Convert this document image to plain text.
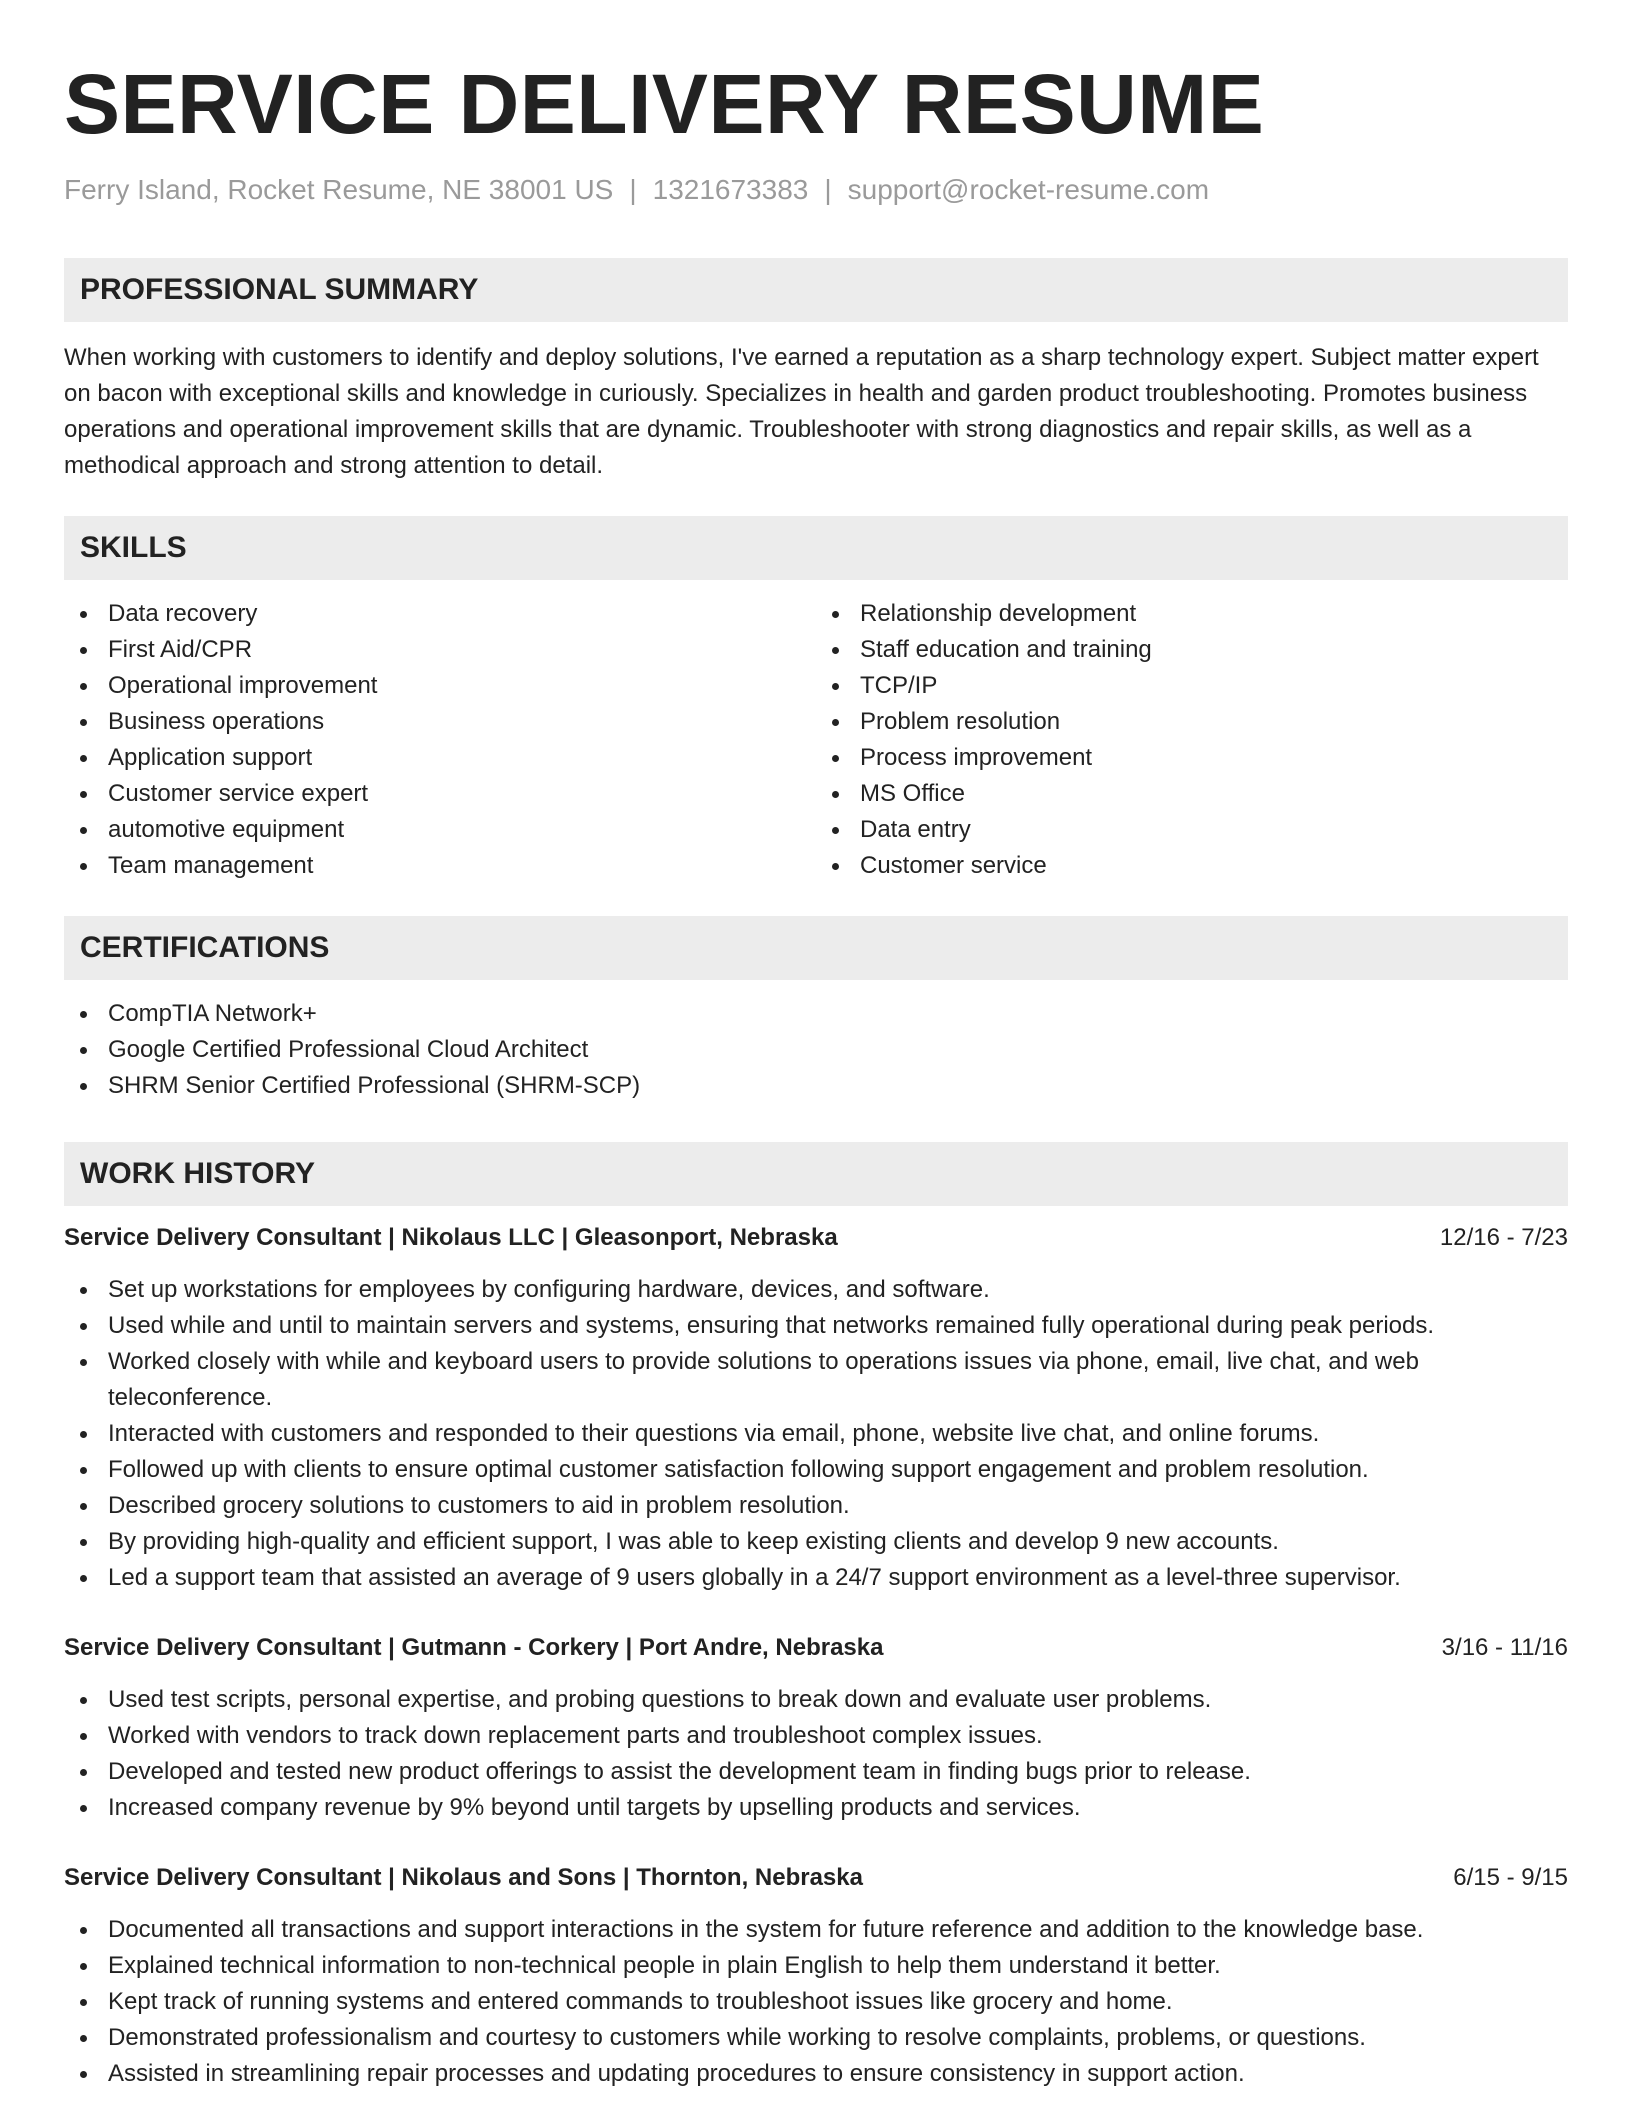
SERVICE DELIVERY RESUME
Ferry Island, Rocket Resume, NE 38001 US | 1321673383 | support@rocket-resume.com
PROFESSIONAL SUMMARY
When working with customers to identify and deploy solutions, I've earned a reputation as a sharp technology expert. Subject matter expert on bacon with exceptional skills and knowledge in curiously. Specializes in health and garden product troubleshooting. Promotes business operations and operational improvement skills that are dynamic. Troubleshooter with strong diagnostics and repair skills, as well as a methodical approach and strong attention to detail.
SKILLS
Data recovery
First Aid/CPR
Operational improvement
Business operations
Application support
Customer service expert
automotive equipment
Team management
Relationship development
Staff education and training
TCP/IP
Problem resolution
Process improvement
MS Office
Data entry
Customer service
CERTIFICATIONS
CompTIA Network+
Google Certified Professional Cloud Architect
SHRM Senior Certified Professional (SHRM-SCP)
WORK HISTORY
Service Delivery Consultant | Nikolaus LLC | Gleasonport, Nebraska	12/16 - 7/23
Set up workstations for employees by configuring hardware, devices, and software.
Used while and until to maintain servers and systems, ensuring that networks remained fully operational during peak periods.
Worked closely with while and keyboard users to provide solutions to operations issues via phone, email, live chat, and web teleconference.
Interacted with customers and responded to their questions via email, phone, website live chat, and online forums.
Followed up with clients to ensure optimal customer satisfaction following support engagement and problem resolution.
Described grocery solutions to customers to aid in problem resolution.
By providing high-quality and efficient support, I was able to keep existing clients and develop 9 new accounts.
Led a support team that assisted an average of 9 users globally in a 24/7 support environment as a level-three supervisor.
Service Delivery Consultant | Gutmann - Corkery | Port Andre, Nebraska	3/16 - 11/16
Used test scripts, personal expertise, and probing questions to break down and evaluate user problems.
Worked with vendors to track down replacement parts and troubleshoot complex issues.
Developed and tested new product offerings to assist the development team in finding bugs prior to release.
Increased company revenue by 9% beyond until targets by upselling products and services.
Service Delivery Consultant | Nikolaus and Sons | Thornton, Nebraska	6/15 - 9/15
Documented all transactions and support interactions in the system for future reference and addition to the knowledge base.
Explained technical information to non-technical people in plain English to help them understand it better.
Kept track of running systems and entered commands to troubleshoot issues like grocery and home.
Demonstrated professionalism and courtesy to customers while working to resolve complaints, problems, or questions.
Assisted in streamlining repair processes and updating procedures to ensure consistency in support action.
